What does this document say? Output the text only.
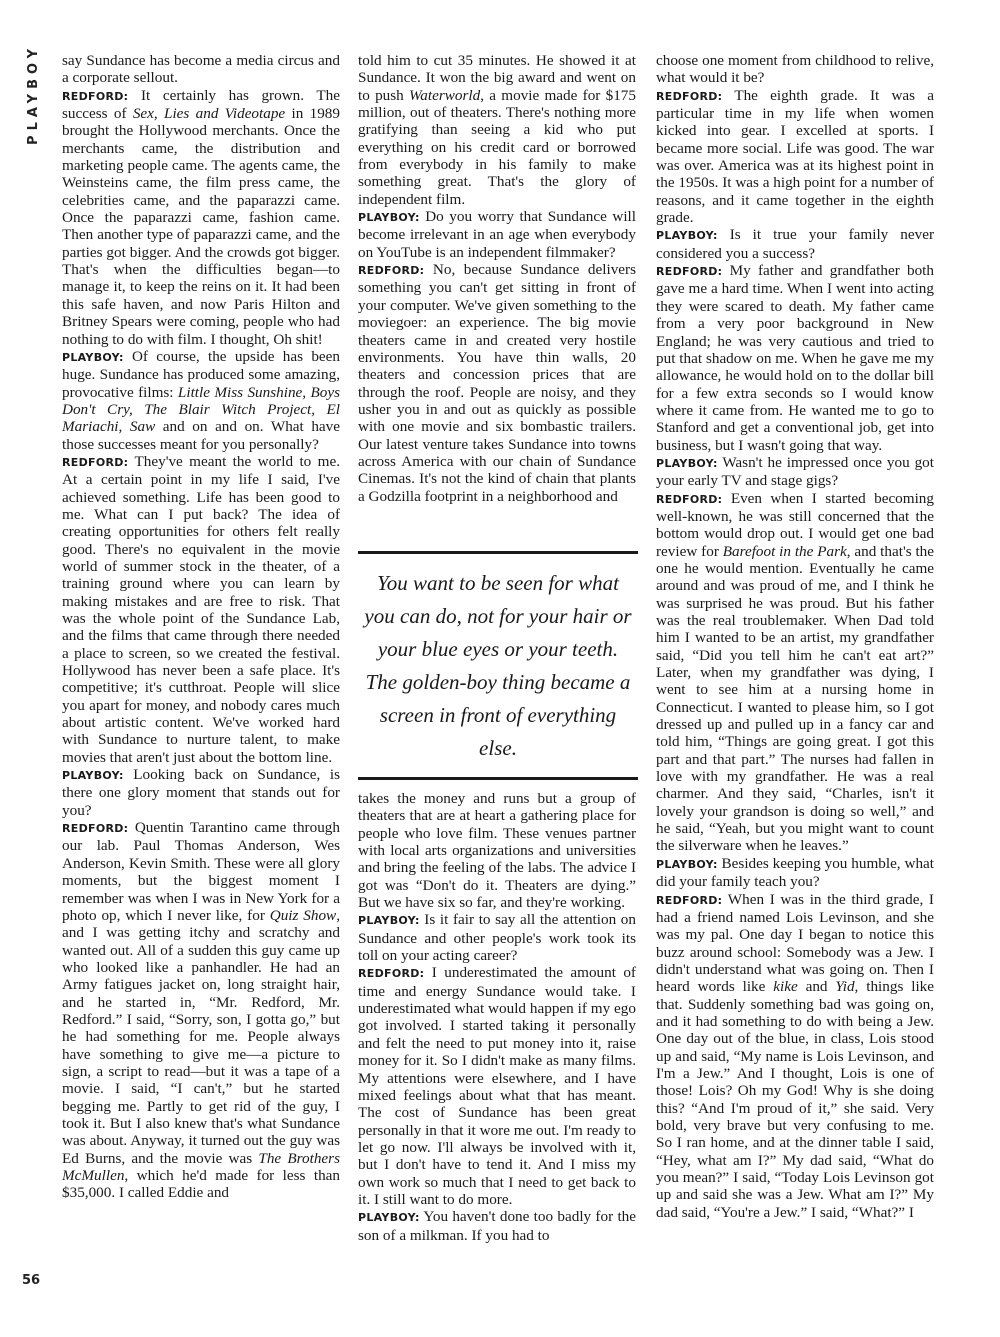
PLAYBOY
56

say Sundance has become a media circus and a corporate sellout.

REDFORD: It certainly has grown. The success of Sex, Lies and Videotape in 1989 brought the Hollywood merchants. Once the merchants came, the distribution and marketing people came. The agents came, the Weinsteins came, the film press came, the celebrities came, and the paparazzi came. Once the paparazzi came, fashion came. Then another type of paparazzi came, and the parties got bigger. And the crowds got bigger. That's when the difficulties began—to manage it, to keep the reins on it. It had been this safe haven, and now Paris Hilton and Britney Spears were coming, people who had nothing to do with film. I thought, Oh shit!

PLAYBOY: Of course, the upside has been huge. Sundance has produced some amazing, provocative films: Little Miss Sunshine, Boys Don't Cry, The Blair Witch Project, El Mariachi, Saw and on and on. What have those successes meant for you personally?

REDFORD: They've meant the world to me. At a certain point in my life I said, I've achieved something. Life has been good to me. What can I put back? The idea of creating opportunities for others felt really good. There's no equivalent in the movie world of summer stock in the theater, of a training ground where you can learn by making mistakes and are free to risk. That was the whole point of the Sundance Lab, and the films that came through there needed a place to screen, so we created the festival. Hollywood has never been a safe place. It's competitive; it's cutthroat. People will slice you apart for money, and nobody cares much about artistic content. We've worked hard with Sundance to nurture talent, to make movies that aren't just about the bottom line.

PLAYBOY: Looking back on Sundance, is there one glory moment that stands out for you?

REDFORD: Quentin Tarantino came through our lab. Paul Thomas Anderson, Wes Anderson, Kevin Smith. These were all glory moments, but the biggest moment I remember was when I was in New York for a photo op, which I never like, for Quiz Show, and I was getting itchy and scratchy and wanted out. All of a sudden this guy came up who looked like a panhandler. He had an Army fatigues jacket on, long straight hair, and he started in, “Mr. Redford, Mr. Redford.” I said, “Sorry, son, I gotta go,” but he had something for me. People always have something to give me—a picture to sign, a script to read—but it was a tape of a movie. I said, “I can't,” but he started begging me. Partly to get rid of the guy, I took it. But I also knew that's what Sundance was about. Anyway, it turned out the guy was Ed Burns, and the movie was The Brothers McMullen, which he'd made for less than $35,000. I called Eddie and

told him to cut 35 minutes. He showed it at Sundance. It won the big award and went on to push Waterworld, a movie made for $175 million, out of theaters. There's nothing more gratifying than seeing a kid who put everything on his credit card or borrowed from everybody in his family to make something great. That's the glory of independent film.

PLAYBOY: Do you worry that Sundance will become irrelevant in an age when everybody on YouTube is an independent filmmaker?

REDFORD: No, because Sundance delivers something you can't get sitting in front of your computer. We've given something to the moviegoer: an experience. The big movie theaters came in and created very hostile environments. You have thin walls, 20 theaters and concession prices that are through the roof. People are noisy, and they usher you in and out as quickly as possible with one movie and six bombastic trailers. Our latest venture takes Sundance into towns across America with our chain of Sundance Cinemas. It's not the kind of chain that plants a Godzilla footprint in a neighborhood and

You want to be seen for what you can do, not for your hair or your blue eyes or your teeth. The golden-boy thing became a screen in front of everything else.

takes the money and runs but a group of theaters that are at heart a gathering place for people who love film. These venues partner with local arts organizations and universities and bring the feeling of the labs. The advice I got was “Don't do it. Theaters are dying.” But we have six so far, and they're working.

PLAYBOY: Is it fair to say all the attention on Sundance and other people's work took its toll on your acting career?

REDFORD: I underestimated the amount of time and energy Sundance would take. I underestimated what would happen if my ego got involved. I started taking it personally and felt the need to put money into it, raise money for it. So I didn't make as many films. My attentions were elsewhere, and I have mixed feelings about what that has meant. The cost of Sundance has been great personally in that it wore me out. I'm ready to let go now. I'll always be involved with it, but I don't have to tend it. And I miss my own work so much that I need to get back to it. I still want to do more.

PLAYBOY: You haven't done too badly for the son of a milkman. If you had to

choose one moment from childhood to relive, what would it be?

REDFORD: The eighth grade. It was a particular time in my life when women kicked into gear. I excelled at sports. I became more social. Life was good. The war was over. America was at its highest point in the 1950s. It was a high point for a number of reasons, and it came together in the eighth grade.

PLAYBOY: Is it true your family never considered you a success?

REDFORD: My father and grandfather both gave me a hard time. When I went into acting they were scared to death. My father came from a very poor background in New England; he was very cautious and tried to put that shadow on me. When he gave me my allowance, he would hold on to the dollar bill for a few extra seconds so I would know where it came from. He wanted me to go to Stanford and get a conventional job, get into business, but I wasn't going that way.

PLAYBOY: Wasn't he impressed once you got your early TV and stage gigs?

REDFORD: Even when I started becoming well-known, he was still concerned that the bottom would drop out. I would get one bad review for Barefoot in the Park, and that's the one he would mention. Eventually he came around and was proud of me, and I think he was surprised he was proud. But his father was the real troublemaker. When Dad told him I wanted to be an artist, my grandfather said, “Did you tell him he can't eat art?” Later, when my grandfather was dying, I went to see him at a nursing home in Connecticut. I wanted to please him, so I got dressed up and pulled up in a fancy car and told him, “Things are going great. I got this part and that part.” The nurses had fallen in love with my grandfather. He was a real charmer. And they said, “Charles, isn't it lovely your grandson is doing so well,” and he said, “Yeah, but you might want to count the silverware when he leaves.”

PLAYBOY: Besides keeping you humble, what did your family teach you?

REDFORD: When I was in the third grade, I had a friend named Lois Levinson, and she was my pal. One day I began to notice this buzz around school: Somebody was a Jew. I didn't understand what was going on. Then I heard words like kike and Yid, things like that. Suddenly something bad was going on, and it had something to do with being a Jew. One day out of the blue, in class, Lois stood up and said, “My name is Lois Levinson, and I'm a Jew.” And I thought, Lois is one of those! Lois? Oh my God! Why is she doing this? “And I'm proud of it,” she said. Very bold, very brave but very confusing to me. So I ran home, and at the dinner table I said, “Hey, what am I?” My dad said, “What do you mean?” I said, “Today Lois Levinson got up and said she was a Jew. What am I?” My dad said, “You're a Jew.” I said, “What?” I
